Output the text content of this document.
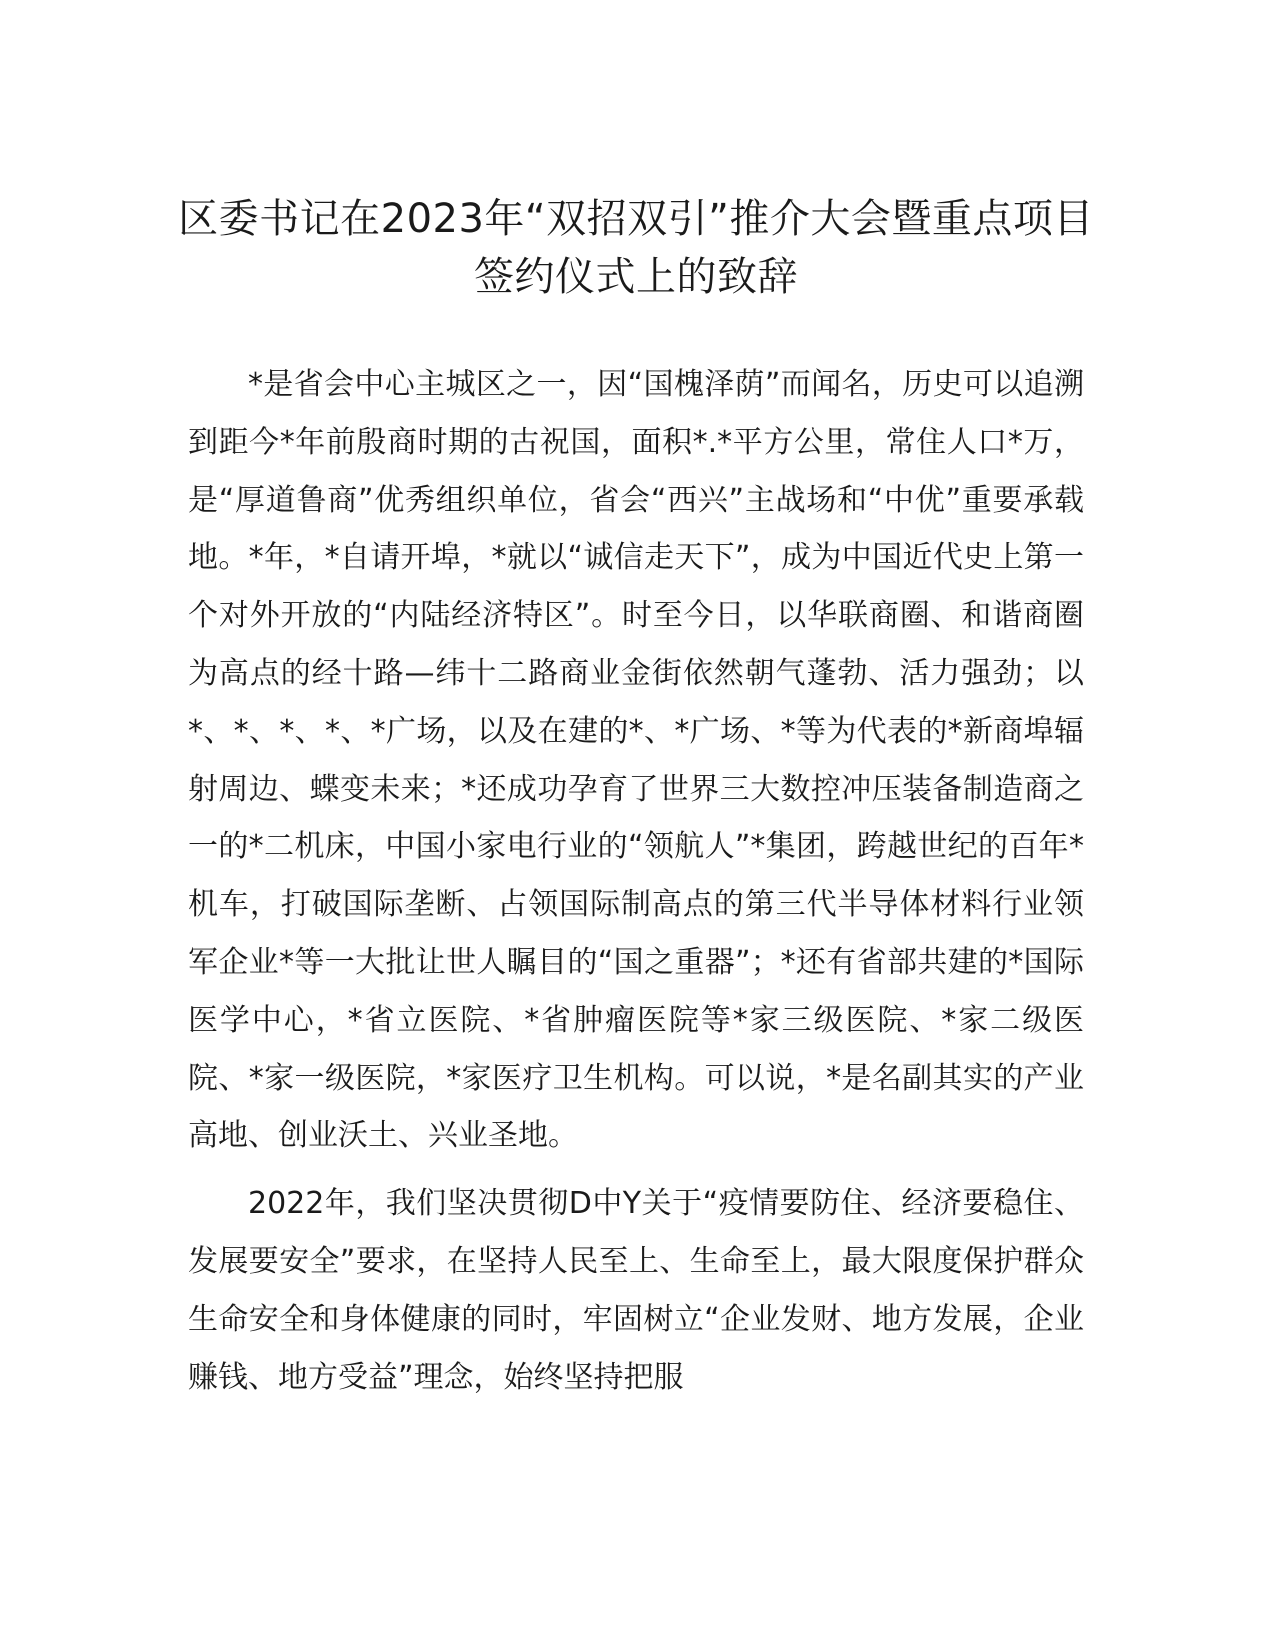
区委书记在2023年“双招双引”推介大会暨重点项目签约仪式上的致辞

*是省会中心主城区之一，因“国槐泽荫”而闻名，历史可以追溯到距今*年前殷商时期的古祝国，面积*.*平方公里，常住人口*万，是“厚道鲁商”优秀组织单位，省会“西兴”主战场和“中优”重要承载地。*年，*自请开埠，*就以“诚信走天下”，成为中国近代史上第一个对外开放的“内陆经济特区”。时至今日，以华联商圈、和谐商圈为高点的经十路—纬十二路商业金街依然朝气蓬勃、活力强劲；以*、*、*、*、*广场，以及在建的*、*广场、*等为代表的*新商埠辐射周边、蝶变未来；*还成功孕育了世界三大数控冲压装备制造商之一的*二机床，中国小家电行业的“领航人”*集团，跨越世纪的百年*机车，打破国际垄断、占领国际制高点的第三代半导体材料行业领军企业*等一大批让世人瞩目的“国之重器”；*还有省部共建的*国际医学中心，*省立医院、*省肿瘤医院等*家三级医院、*家二级医院、*家一级医院，*家医疗卫生机构。可以说，*是名副其实的产业高地、创业沃土、兴业圣地。

2022年，我们坚决贯彻D中Y关于“疫情要防住、经济要稳住、发展要安全”要求，在坚持人民至上、生命至上，最大限度保护群众生命安全和身体健康的同时，牢固树立“企业发财、地方发展，企业赚钱、地方受益”理念，始终坚持把服
